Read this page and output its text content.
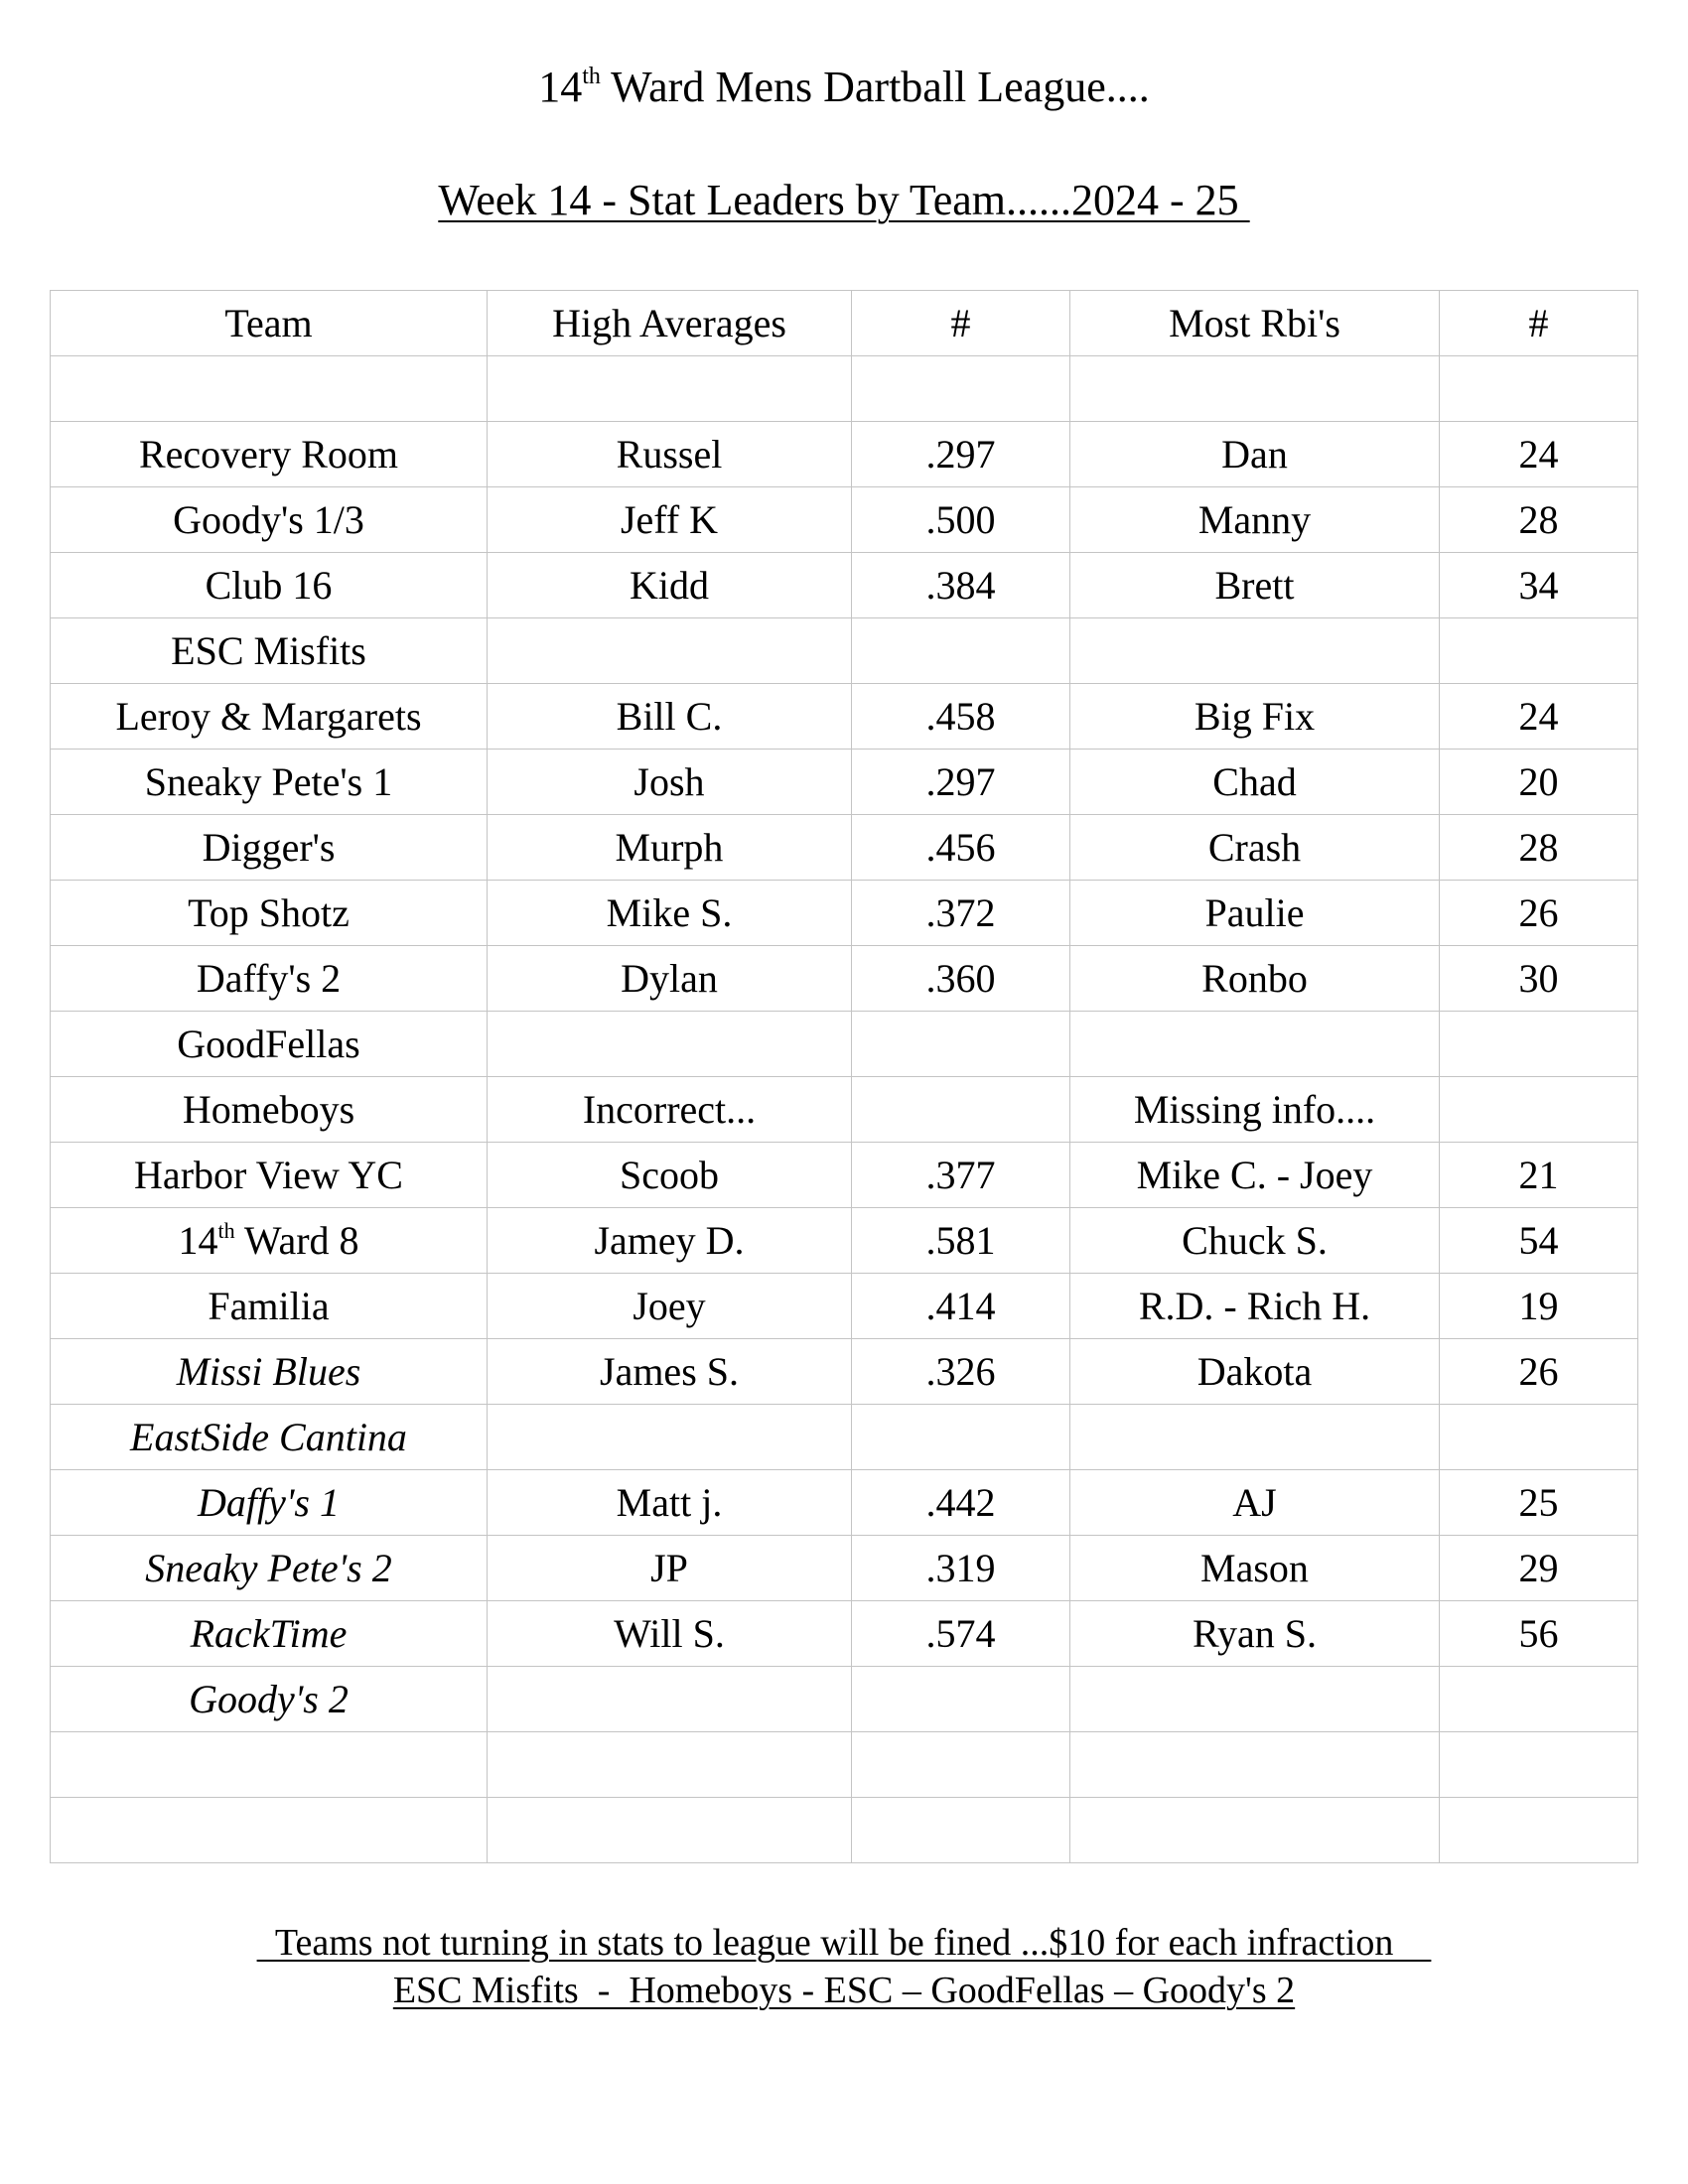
14th Ward Mens Dartball League....
Week 14 - Stat Leaders by Team......2024 - 25
Team	High Averages	#	Most Rbi's	#

Recovery Room	Russel	.297	Dan	24
Goody's 1/3	Jeff K	.500	Manny	28
Club 16	Kidd	.384	Brett	34
ESC Misfits				
Leroy & Margarets	Bill C.	.458	Big Fix	24
Sneaky Pete's 1	Josh	.297	Chad	20
Digger's	Murph	.456	Crash	28
Top Shotz	Mike S.	.372	Paulie	26
Daffy's 2	Dylan	.360	Ronbo	30
GoodFellas				
Homeboys	Incorrect...		Missing info....	
Harbor View YC	Scoob	.377	Mike C. - Joey	21
14th Ward 8	Jamey D.	.581	Chuck S.	54
Familia	Joey	.414	R.D. - Rich H.	19
Missi Blues	James S.	.326	Dakota	26
EastSide Cantina				
Daffy's 1	Matt j.	.442	AJ	25
Sneaky Pete's 2	JP	.319	Mason	29
RackTime	Will S.	.574	Ryan S.	56
Goody's 2				

Teams not turning in stats to league will be fined ...$10 for each infraction
ESC Misfits  -  Homeboys - ESC – GoodFellas – Goody's 2
